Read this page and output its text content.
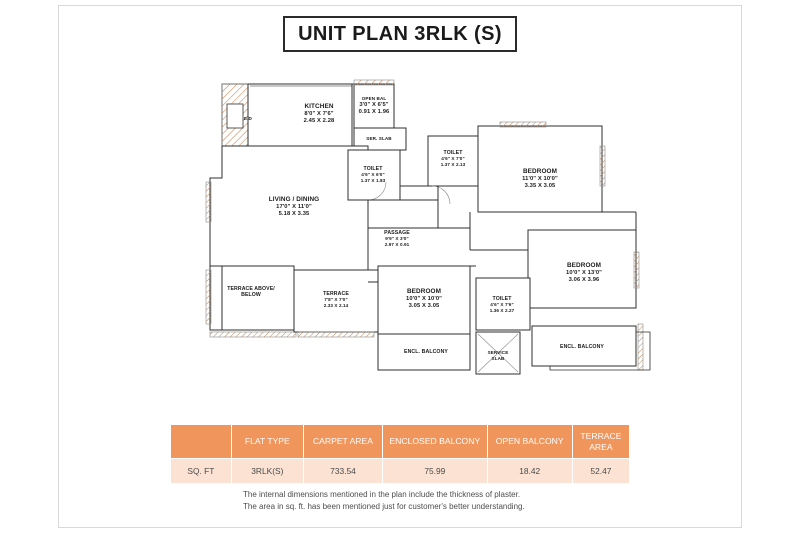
UNIT PLAN 3RLK (S)
E.D
KITCHEN
8'0" X 7'6"
2.45 X 2.28
OPEN BAL
3'0" X 6'5"
0.91 X 1.96
SER. SLAB
TOILET
4'6" X 6'0"
1.37 X 1.83
TOILET
4'6" X 7'0"
1.37 X 2.13
BEDROOM
11'0" X 10'0"
3.35 X 3.05
LIVING / DINING
17'0" X 11'0"
5.18 X 3.35
PASSAGE
9'9" X 3'0"
2.97 X 0.91
BEDROOM
10'0" X 13'0"
3.06 X 3.96
TERRACE ABOVE/ BELOW	TERRACE
7'8" X 7'0"
2.33 X 2.14
BEDROOM
10'0" X 10'0"
3.05 X 3.05
TOILET
4'6" X 7'6"
1.36 X 2.27
ENCL. BALCONY
ENCL. BALCONY
SERVICE SLAB
	FLAT TYPE	CARPET AREA	ENCLOSED BALCONY	OPEN BALCONY	TERRACE AREA
SQ. FT	3RLK(S)	733.54	75.99	18.42	52.47
The internal dimensions mentioned in the plan include the thickness of plaster.
The area in sq. ft. has been mentioned just for customer's better understanding.
